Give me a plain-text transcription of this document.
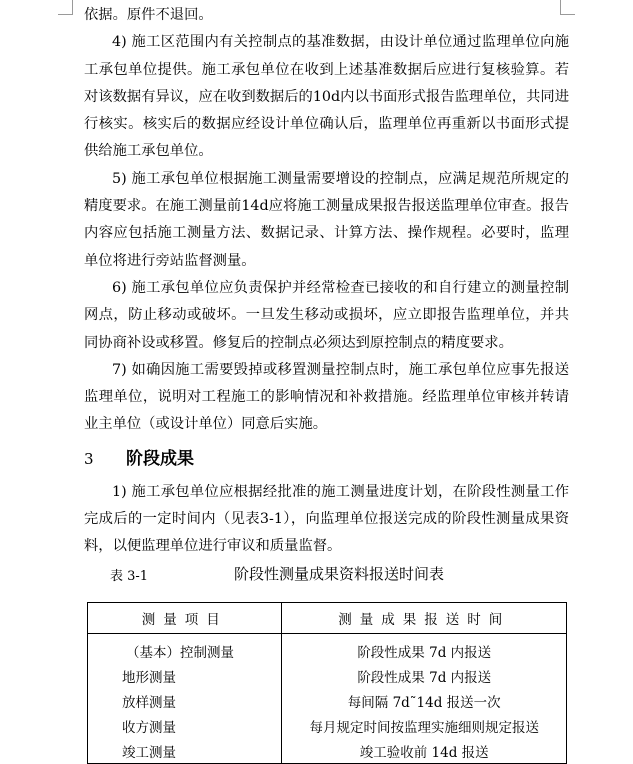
依据。原件不退回。

4) 施工区范围内有关控制点的基准数据，由设计单位通过监理单位向施工承包单位提供。施工承包单位在收到上述基准数据后应进行复核验算。若对该数据有异议，应在收到数据后的10d内以书面形式报告监理单位，共同进行核实。核实后的数据应经设计单位确认后，监理单位再重新以书面形式提供给施工承包单位。

5) 施工承包单位根据施工测量需要增设的控制点，应满足规范所规定的精度要求。在施工测量前14d应将施工测量成果报告报送监理单位审查。报告内容应包括施工测量方法、数据记录、计算方法、操作规程。必要时，监理单位将进行旁站监督测量。

6) 施工承包单位应负责保护并经常检查已接收的和自行建立的测量控制网点，防止移动或破坏。一旦发生移动或损坏，应立即报告监理单位，并共同协商补设或移置。修复后的控制点必须达到原控制点的精度要求。

7) 如确因施工需要毁掉或移置测量控制点时，施工承包单位应事先报送监理单位，说明对工程施工的影响情况和补救措施。经监理单位审核并转请业主单位（或设计单位）同意后实施。

3	阶段成果

1) 施工承包单位应根据经批准的施工测量进度计划，在阶段性测量工作完成后的一定时间内（见表3-1），向监理单位报送完成的阶段性测量成果资料，以便监理单位进行审议和质量监督。

表 3-1	阶段性测量成果资料报送时间表
测量项目	测量成果报送时间
（基本）控制测量	阶段性成果 7d 内报送
地形测量	阶段性成果 7d 内报送
放样测量	每间隔 7d˜14d 报送一次
收方测量	每月规定时间按监理实施细则规定报送
竣工测量	竣工验收前 14d 报送
